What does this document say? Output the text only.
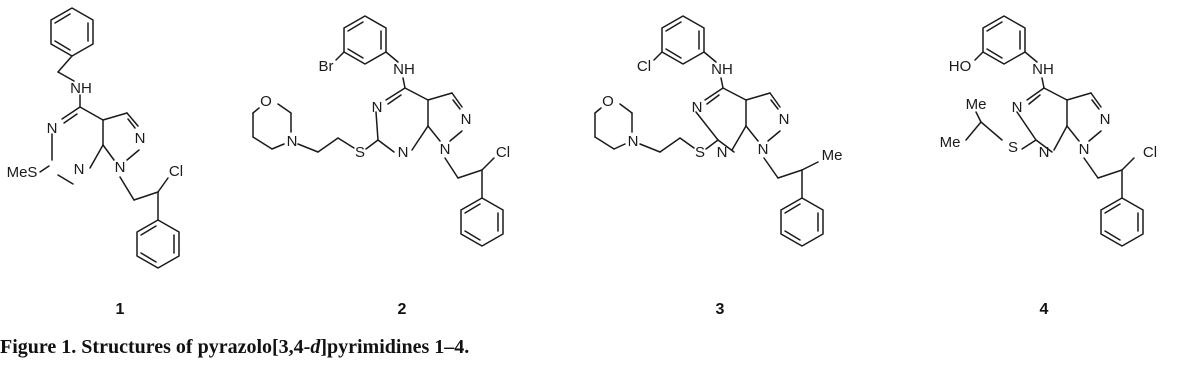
NH
N
N
N
N
MeS	Cl
1
Br	NH
O
N
S
N
N
N
N	Cl
2
Cl	NH
O
N
S
N
N
N
N	Me
3
HO	NH
Me
Me	S
N
N
N
N	Cl
4
Figure 1. Structures of pyrazolo[3,4-d]pyrimidines 1–4.
